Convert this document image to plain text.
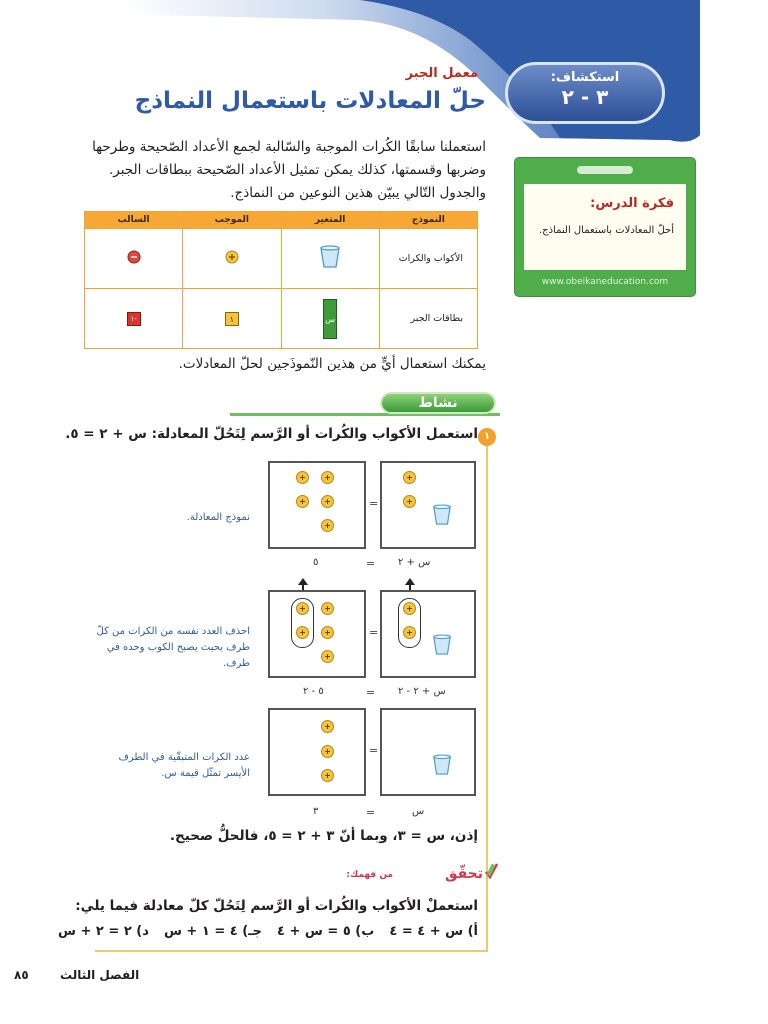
استكشاف:
٣ - ٢
معمل الجبر
حلّ المعادلات باستعمال النماذج
استعملنا سابقًا الكُرات الموجبة والسّالبة لجمع الأعداد الصّحيحة وطرحها
وضربها وقسمتها، كذلك يمكن تمثيل الأعداد الصّحيحة ببطاقات الجبر.
والجدول التّالي يبيّن هذين النوعين من النماذج.
النموذج	المتغير	الموجب	السالب
الأكواب والكرات			
بطاقات الجبر	س	١	-١
فكرة الدرس:
أحلّ المعادلات باستعمال النماذج.
www.obeikaneducation.com
يمكنك استعمال أيٍّ من هذين النّموذَجين لحلّ المعادلات.
نشاط
١
استعمل الأكواب والكُرات أو الرَّسم لِتَحُلّ المعادلة: س + ٢ = ٥.
=
س + ٢
=
٥
نموذج المعادلة.
=
س + ٢ - ٢
=
٥ - ٢
احذف العدد نفسه من الكرات من كلّ طرف بحيث يصبح الكوب وحده في طرف.
=
س
=
٣
عدد الكرات المتبقّية في الطرف الأيسر تمثّل قيمة س.
إذن، س = ٣، وبما أنّ ٣ + ٢ = ٥، فالحلُّ صحيح.
تحقّق
من فهمك:
استعملْ الأكواب والكُرات أو الرَّسم لِتَحُلّ كلّ معادلة فيما يلي:
أ) س + ٤ = ٤
ب) ٥ = س + ٤
جـ) ٤ = ١ + س
د) ٢ = ٢ + س
الفصل الثالث
٨٥
